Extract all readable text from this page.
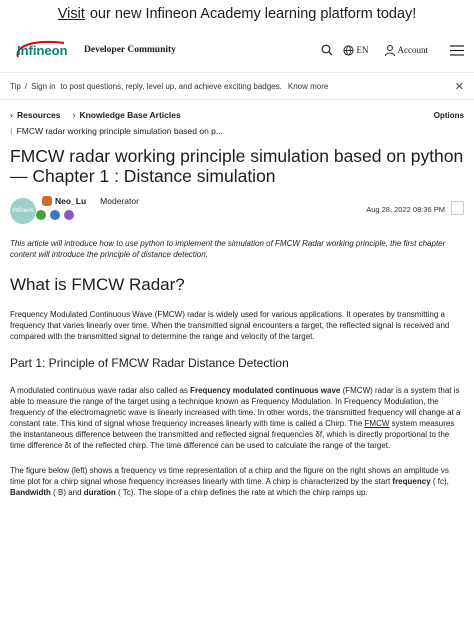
Visit our new Infineon Academy learning platform today!
Infineon Developer Community	EN	Account
Tip / Sign in to post questions, reply, level up, and achieve exciting badges. Know more	✕
› Resources › Knowledge Base Articles	Options
⁝ FMCW radar working principle simulation based on p...
FMCW radar working principle simulation based on python — Chapter 1 : Distance simulation
Infineon
Neo_Lu Moderator
Aug 28, 2022 08:36 PM

This article will introduce how to use python to implement the simulation of FMCW Radar working principle, the first chapter content will introduce the principle of distance detection.

What is FMCW Radar?

Frequency Modulated Continuous Wave (FMCW) radar is widely used for various applications. It operates by transmitting a frequency that varies linearly over time. When the transmitted signal encounters a target, the reflected signal is received and compared with the transmitted signal to determine the range and velocity of the target.

Part 1: Principle of FMCW Radar Distance Detection

A modulated continuous wave radar also called as Frequency modulated continuous wave (FMCW) radar is a system that is able to measure the range of the target using a technique known as Frequency Modulation. In Frequency Modulation, the frequency of the electromagnetic wave is linearly increased with time. In other words, the transmitted frequency will change at a constant rate. This kind of signal whose frequency increases linearly with time is called a Chirp. The FMCW system measures the instantaneous difference between the transmitted and reflected signal frequencies δf, which is directly proportional to the time difference δt of the reflected chirp. The time difference can be used to calculate the range of the target.

The figure below (left) shows a frequency vs time representation of a chirp and the figure on the right shows an amplitude vs time plot for a chirp signal whose frequency increases linearly with time. A chirp is characterized by the start frequency ( fc), Bandwidth ( B) and duration ( Tc). The slope of a chirp defines the rate at which the chirp ramps up.
